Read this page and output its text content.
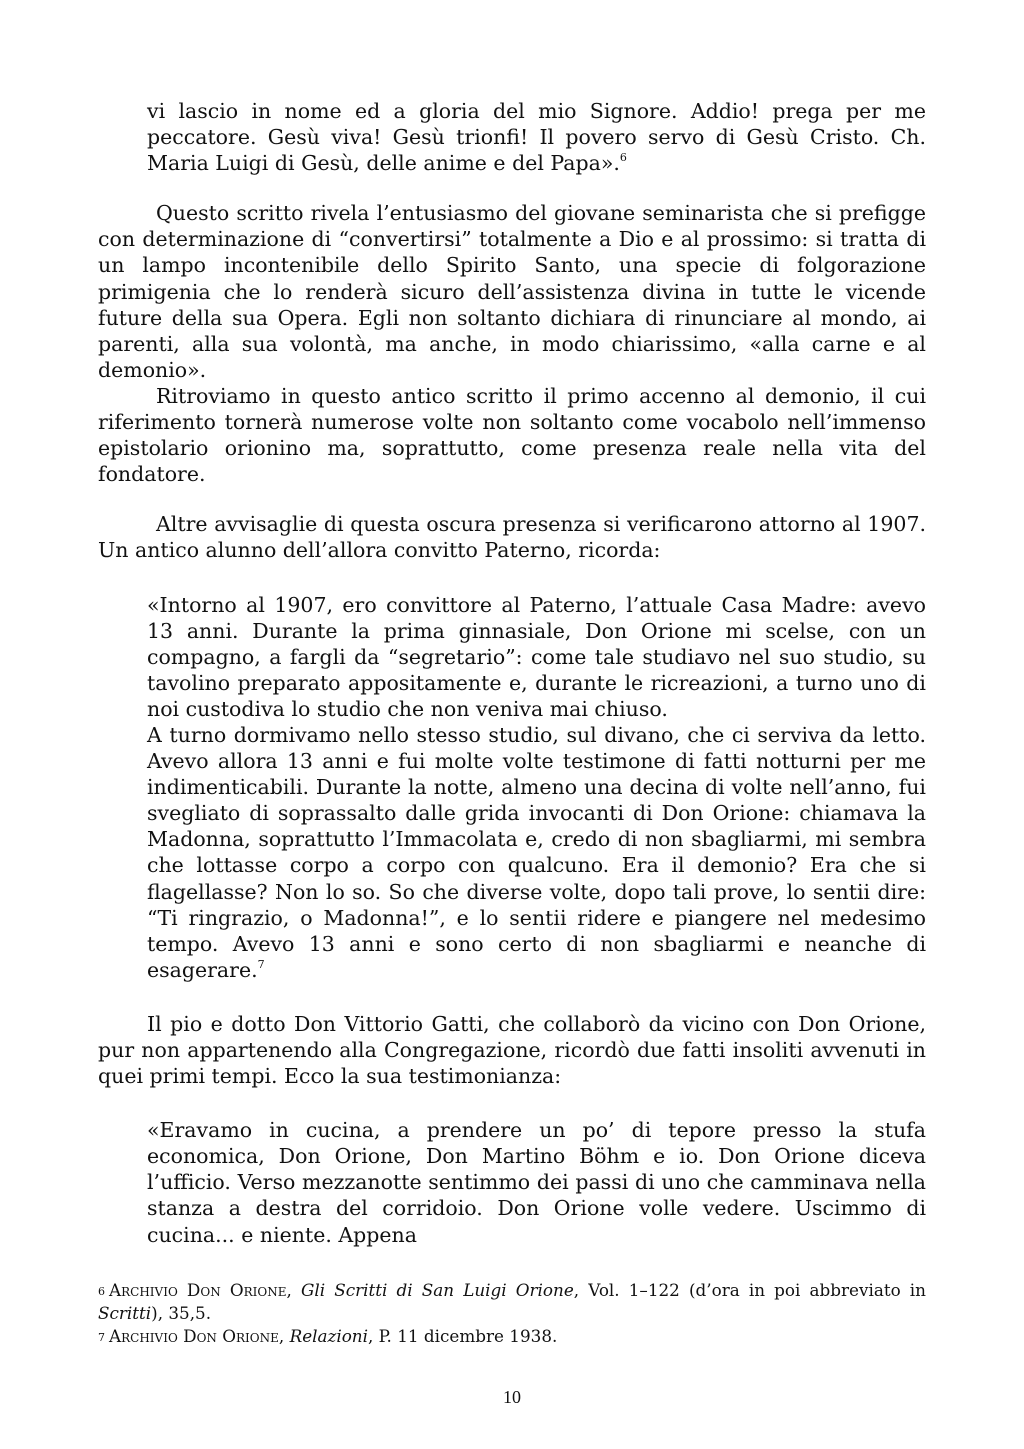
vi lascio in nome ed a gloria del mio Signore. Addio! prega per me peccatore. Gesù viva! Gesù trionfi! Il povero servo di Gesù Cristo. Ch. Maria Luigi di Gesù, delle anime e del Papa».$^6$

Questo scritto rivela l’entusiasmo del giovane seminarista che si prefigge con determinazione di “convertirsi” totalmente a Dio e al prossimo: si tratta di un lampo incontenibile dello Spirito Santo, una specie di folgorazione primigenia che lo renderà sicuro dell’assistenza divina in tutte le vicende future della sua Opera. Egli non soltanto dichiara di rinunciare al mondo, ai parenti, alla sua volontà, ma anche, in modo chiarissimo, «alla carne e al demonio».

Ritroviamo in questo antico scritto il primo accenno al demonio, il cui riferimento tornerà numerose volte non soltanto come vocabolo nell’immenso epistolario orionino ma, soprattutto, come presenza reale nella vita del fondatore.

Altre avvisaglie di questa oscura presenza si verificarono attorno al 1907. Un antico alunno dell’allora convitto Paterno, ricorda:

«Intorno al 1907, ero convittore al Paterno, l’attuale Casa Madre: avevo 13 anni. Durante la prima ginnasiale, Don Orione mi scelse, con un compagno, a fargli da “segretario”: come tale studiavo nel suo studio, su tavolino preparato appositamente e, durante le ricreazioni, a turno uno di noi custodiva lo studio che non veniva mai chiuso.

A turno dormivamo nello stesso studio, sul divano, che ci serviva da letto. Avevo allora 13 anni e fui molte volte testimone di fatti notturni per me indimenticabili. Durante la notte, almeno una decina di volte nell’anno, fui svegliato di soprassalto dalle grida invocanti di Don Orione: chiamava la Madonna, soprattutto l’Immacolata e, credo di non sbagliarmi, mi sembra che lottasse corpo a corpo con qualcuno. Era il demonio? Era che si flagellasse? Non lo so. So che diverse volte, dopo tali prove, lo sentii dire: “Ti ringrazio, o Madonna!”, e lo sentii ridere e piangere nel medesimo tempo. Avevo 13 anni e sono certo di non sbagliarmi e neanche di esagerare.$^7$

Il pio e dotto Don Vittorio Gatti, che collaborò da vicino con Don Orione, pur non appartenendo alla Congregazione, ricordò due fatti insoliti avvenuti in quei primi tempi. Ecco la sua testimonianza:

«Eravamo in cucina, a prendere un po’ di tepore presso la stufa economica, Don Orione, Don Martino Böhm e io. Don Orione diceva l’ufficio. Verso mezzanotte sentimmo dei passi di uno che camminava nella stanza a destra del corridoio. Don Orione volle vedere. Uscimmo di cucina... e niente. Appena

$^6$ Archivio Don Orione, Gli Scritti di San Luigi Orione, Vol. 1–122 (d’ora in poi abbreviato in Scritti), 35,5.

$^7$ Archivio Don Orione, Relazioni, P. 11 dicembre 1938.

10
